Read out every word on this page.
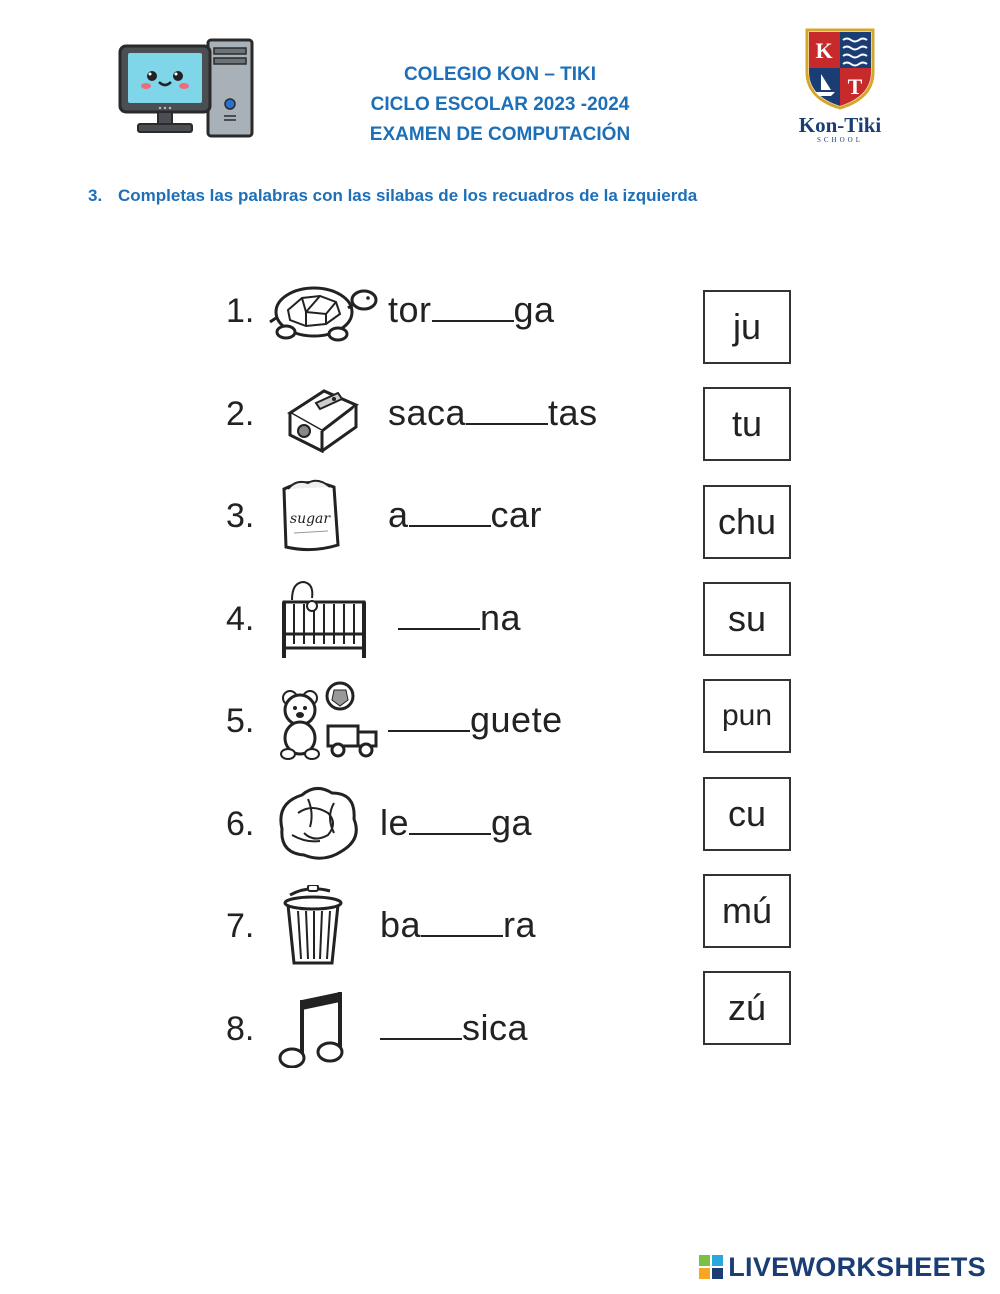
COLEGIO KON – TIKI
CICLO ESCOLAR 2023 -2024
EXAMEN DE COMPUTACIÓN
K
T
Kon-Tiki
SCHOOL
3. Completas las palabras con las silabas de los recuadros de la izquierda
1.	tor ga
2.	saca tas
3.	sugar a car
4.	na
5.	guete
6.	le ga
7.	ba ra
8.	sica
ju
tu
chu
su
pun
cu
mú
zú
LIVEWORKSHEETS
